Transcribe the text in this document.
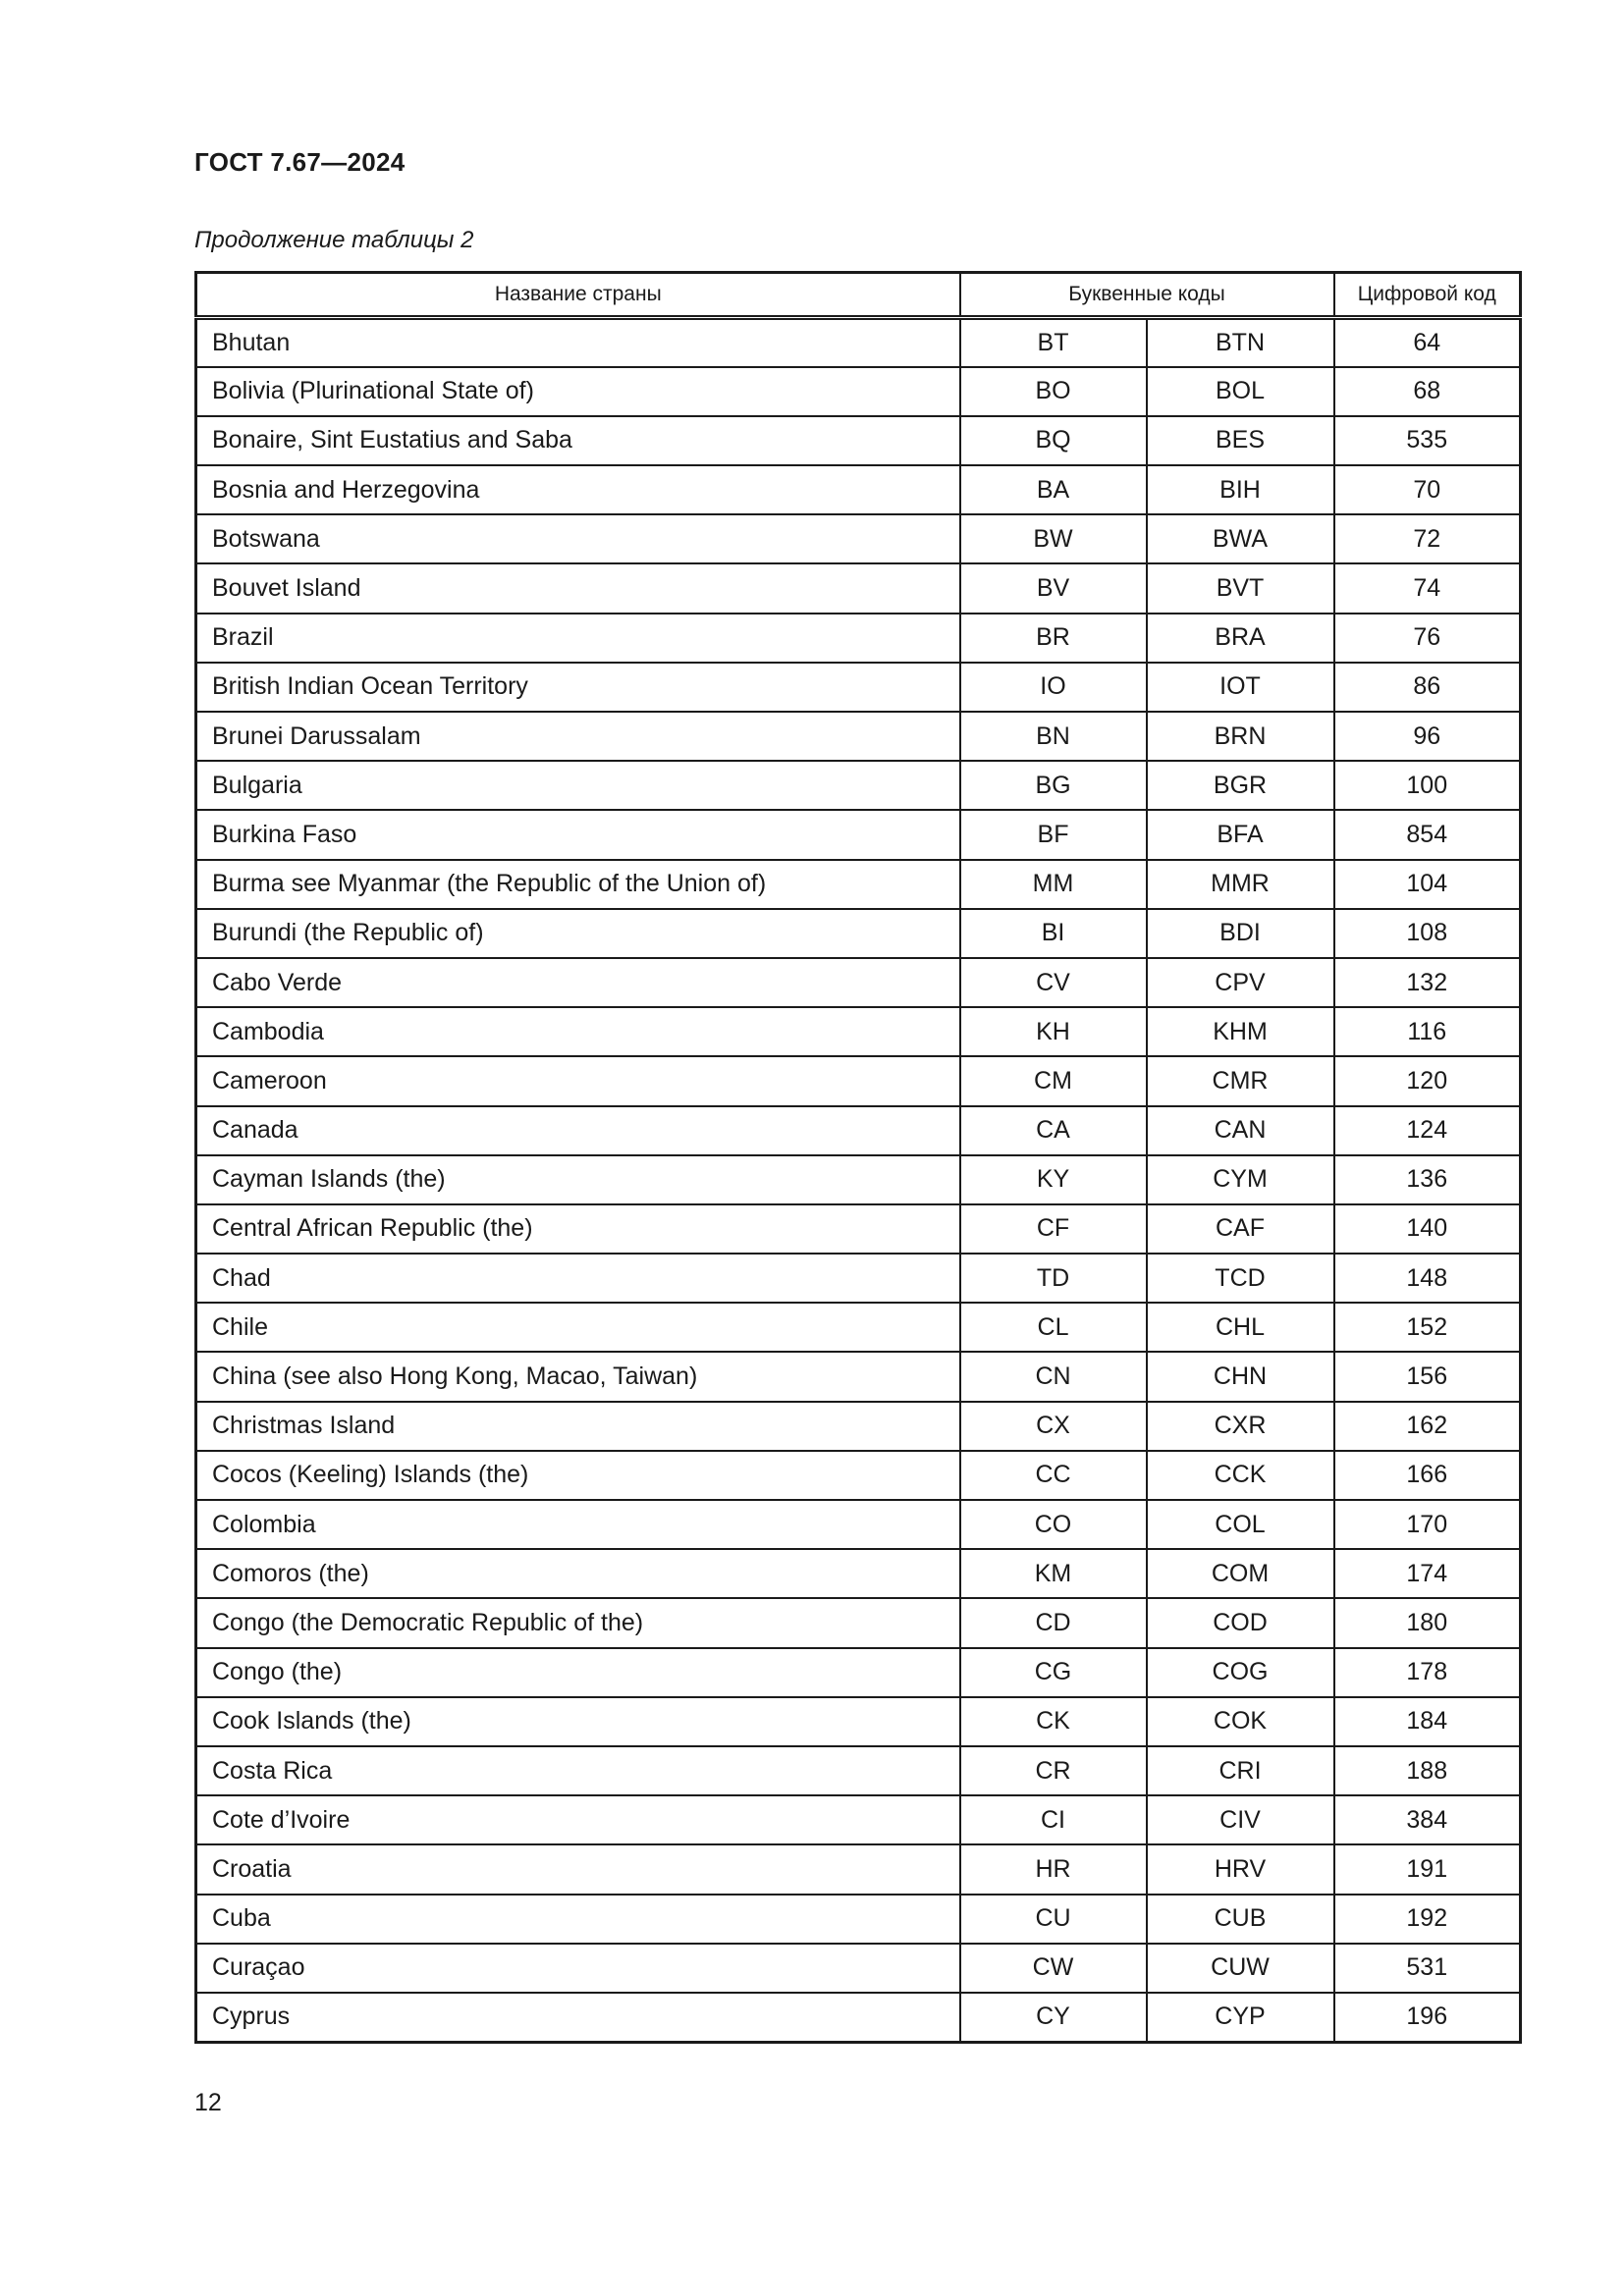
ГОСТ 7.67—2024
Продолжение таблицы 2
Название страны	Буквенные коды		Цифровой код
Bhutan	BT	BTN	64
Bolivia (Plurinational State of)	BO	BOL	68
Bonaire, Sint Eustatius and Saba	BQ	BES	535
Bosnia and Herzegovina	BA	BIH	70
Botswana	BW	BWA	72
Bouvet Island	BV	BVT	74
Brazil	BR	BRA	76
British Indian Ocean Territory	IO	IOT	86
Brunei Darussalam	BN	BRN	96
Bulgaria	BG	BGR	100
Burkina Faso	BF	BFA	854
Burma see Myanmar (the Republic of the Union of)	MM	MMR	104
Burundi (the Republic of)	BI	BDI	108
Cabo Verde	CV	CPV	132
Cambodia	KH	KHM	116
Cameroon	CM	CMR	120
Canada	CA	CAN	124
Cayman Islands (the)	KY	CYM	136
Central African Republic (the)	CF	CAF	140
Chad	TD	TCD	148
Chile	CL	CHL	152
China (see also Hong Kong, Macao, Taiwan)	CN	CHN	156
Christmas Island	CX	CXR	162
Cocos (Keeling) Islands (the)	CC	CCK	166
Colombia	CO	COL	170
Comoros (the)	KM	COM	174
Congo (the Democratic Republic of the)	CD	COD	180
Congo (the)	CG	COG	178
Cook Islands (the)	CK	COK	184
Costa Rica	CR	CRI	188
Cote d’Ivoire	CI	CIV	384
Croatia	HR	HRV	191
Cuba	CU	CUB	192
Curaçao	CW	CUW	531
Cyprus	CY	CYP	196
12
